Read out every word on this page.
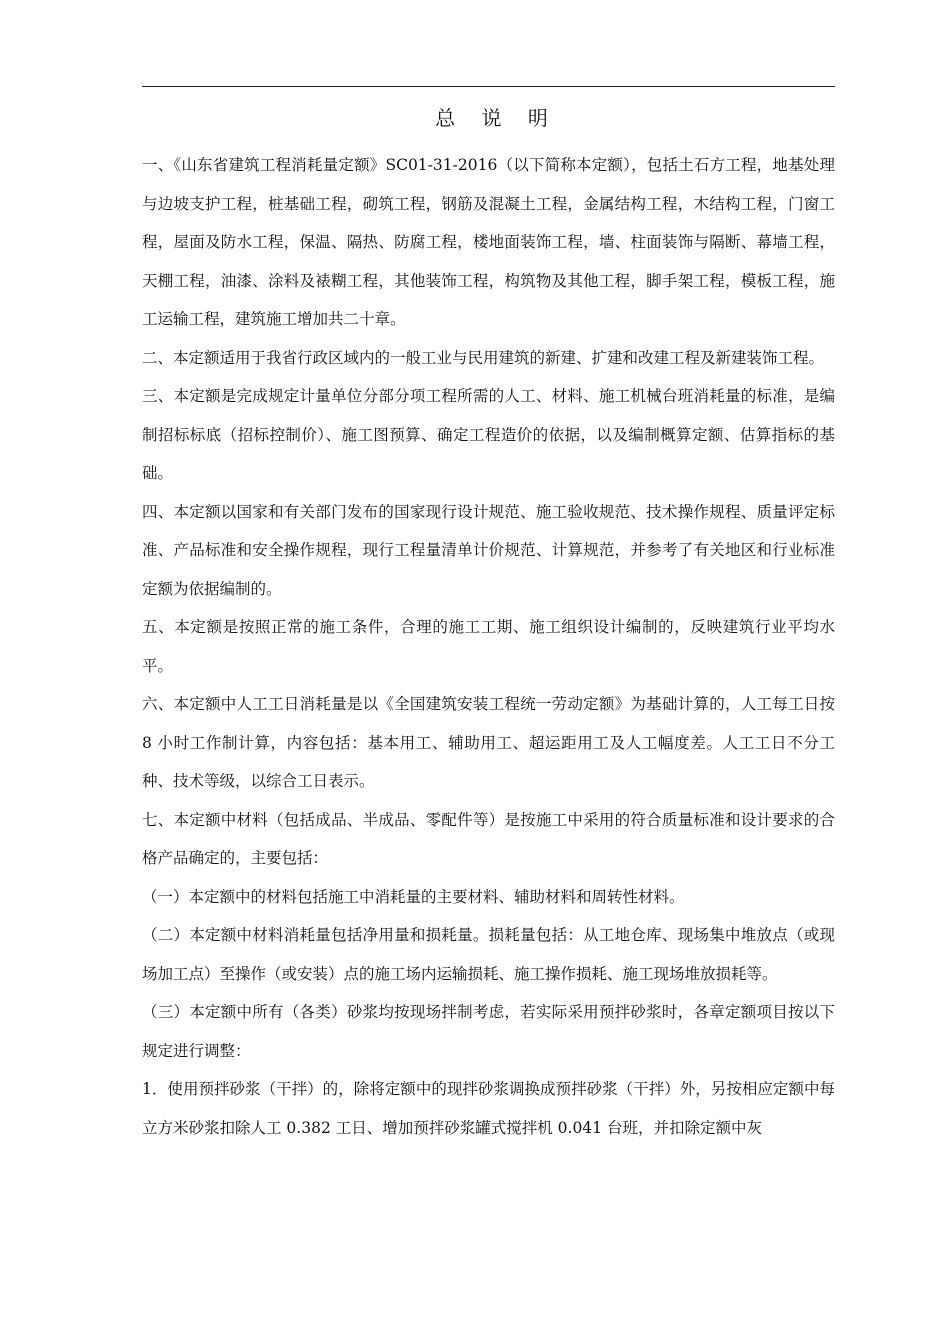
总 说 明

一、《山东省建筑工程消耗量定额》SC01-31-2016（以下简称本定额），包括土石方工程，地基处理与边坡支护工程，桩基础工程，砌筑工程，钢筋及混凝土工程，金属结构工程，木结构工程，门窗工程，屋面及防水工程，保温、隔热、防腐工程，楼地面装饰工程，墙、柱面装饰与隔断、幕墙工程，天棚工程，油漆、涂料及裱糊工程，其他装饰工程，构筑物及其他工程，脚手架工程，模板工程，施工运输工程，建筑施工增加共二十章。

二、本定额适用于我省行政区域内的一般工业与民用建筑的新建、扩建和改建工程及新建装饰工程。

三、本定额是完成规定计量单位分部分项工程所需的人工、材料、施工机械台班消耗量的标准，是编制招标标底（招标控制价）、施工图预算、确定工程造价的依据，以及编制概算定额、估算指标的基础。

四、本定额以国家和有关部门发布的国家现行设计规范、施工验收规范、技术操作规程、质量评定标准、产品标准和安全操作规程，现行工程量清单计价规范、计算规范，并参考了有关地区和行业标准定额为依据编制的。

五、本定额是按照正常的施工条件，合理的施工工期、施工组织设计编制的，反映建筑行业平均水平。

六、本定额中人工工日消耗量是以《全国建筑安装工程统一劳动定额》为基础计算的，人工每工日按 8 小时工作制计算，内容包括：基本用工、辅助用工、超运距用工及人工幅度差。人工工日不分工种、技术等级，以综合工日表示。

七、本定额中材料（包括成品、半成品、零配件等）是按施工中采用的符合质量标准和设计要求的合格产品确定的，主要包括：

（一）本定额中的材料包括施工中消耗量的主要材料、辅助材料和周转性材料。

（二）本定额中材料消耗量包括净用量和损耗量。损耗量包括：从工地仓库、现场集中堆放点（或现场加工点）至操作（或安装）点的施工场内运输损耗、施工操作损耗、施工现场堆放损耗等。

（三）本定额中所有（各类）砂浆均按现场拌制考虑，若实际采用预拌砂浆时，各章定额项目按以下规定进行调整：

1．使用预拌砂浆（干拌）的，除将定额中的现拌砂浆调换成预拌砂浆（干拌）外，另按相应定额中每立方米砂浆扣除人工 0.382 工日、增加预拌砂浆罐式搅拌机 0.041 台班，并扣除定额中灰
